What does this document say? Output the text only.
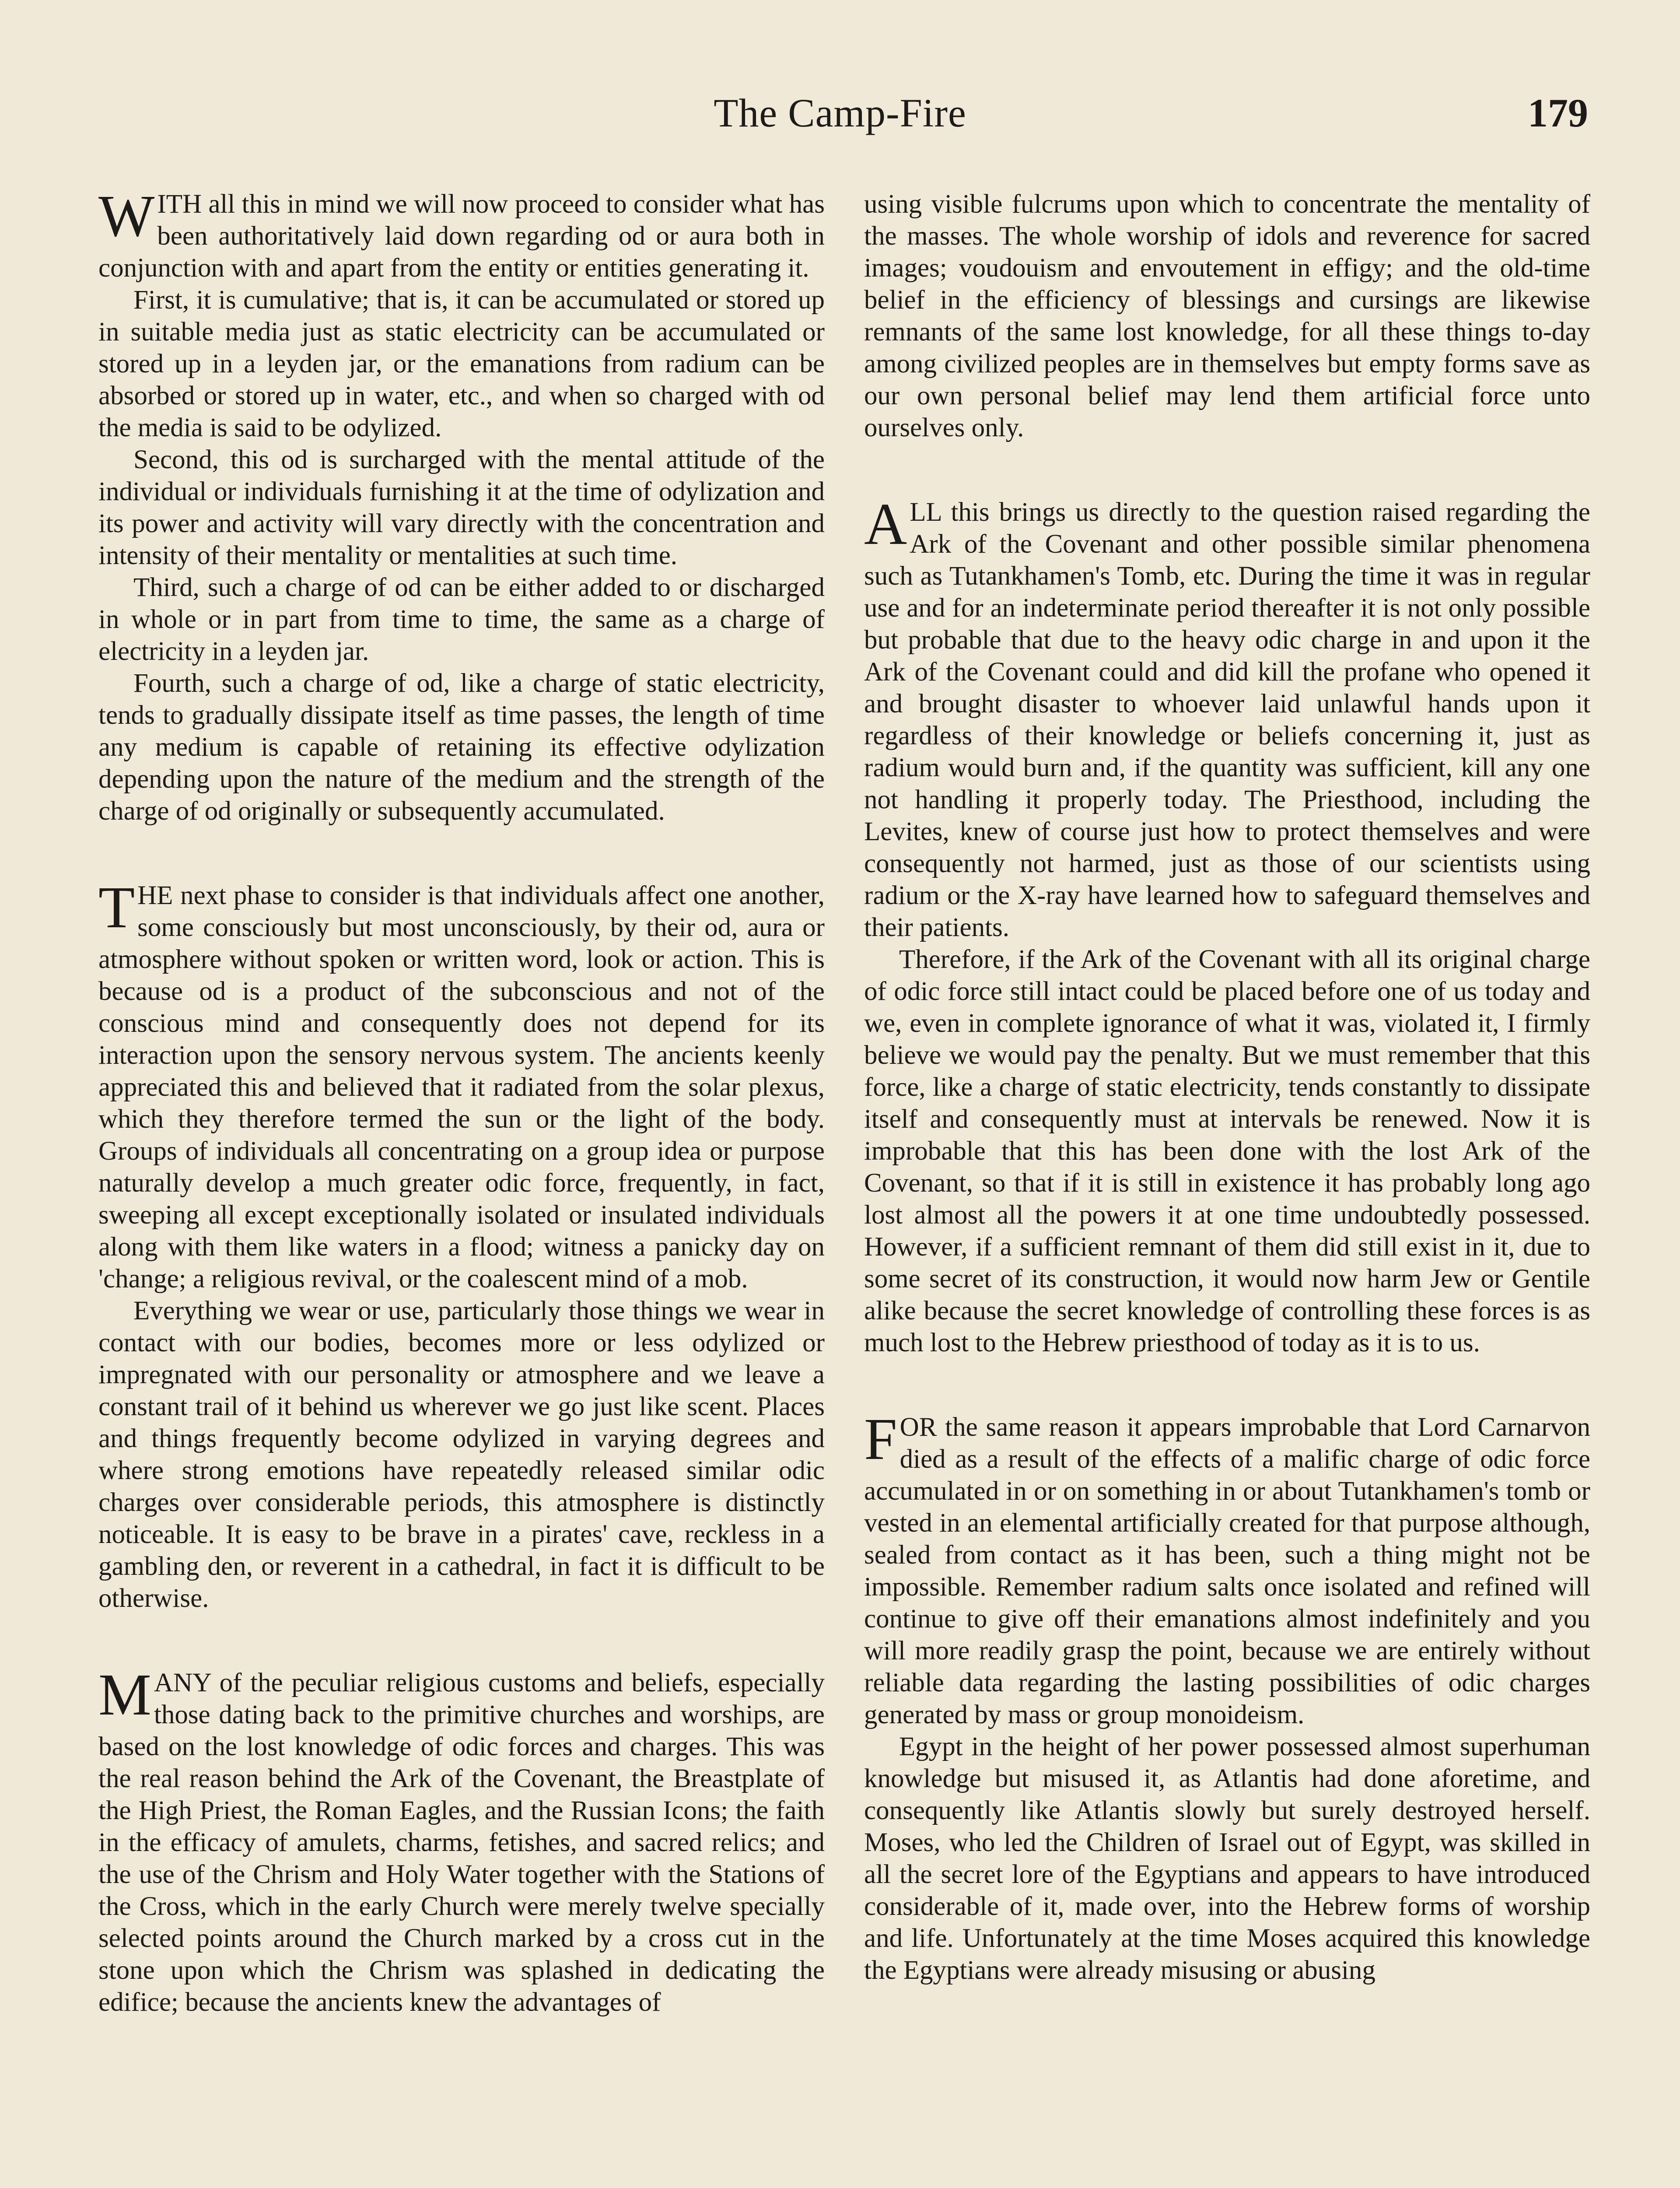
The Camp-Fire	179

WITH all this in mind we will now proceed to consider what has been authoritatively laid down regarding od or aura both in conjunction with and apart from the entity or entities generating it.

First, it is cumulative; that is, it can be accumulated or stored up in suitable media just as static electricity can be accumulated or stored up in a leyden jar, or the emanations from radium can be absorbed or stored up in water, etc., and when so charged with od the media is said to be odylized.

Second, this od is surcharged with the mental attitude of the individual or individuals furnishing it at the time of odylization and its power and activity will vary directly with the concentration and intensity of their mentality or mentalities at such time.

Third, such a charge of od can be either added to or discharged in whole or in part from time to time, the same as a charge of electricity in a leyden jar.

Fourth, such a charge of od, like a charge of static electricity, tends to gradually dissipate itself as time passes, the length of time any medium is capable of retaining its effective odylization depending upon the nature of the medium and the strength of the charge of od originally or subsequently accumulated.

THE next phase to consider is that individuals affect one another, some consciously but most unconsciously, by their od, aura or atmosphere without spoken or written word, look or action. This is because od is a product of the subconscious and not of the conscious mind and consequently does not depend for its interaction upon the sensory nervous system. The ancients keenly appreciated this and believed that it radiated from the solar plexus, which they therefore termed the sun or the light of the body. Groups of individuals all concentrating on a group idea or purpose naturally develop a much greater odic force, frequently, in fact, sweeping all except exceptionally isolated or insulated individuals along with them like waters in a flood; witness a panicky day on 'change; a religious revival, or the coalescent mind of a mob.

Everything we wear or use, particularly those things we wear in contact with our bodies, becomes more or less odylized or impregnated with our personality or atmosphere and we leave a constant trail of it behind us wherever we go just like scent. Places and things frequently become odylized in varying degrees and where strong emotions have repeatedly released similar odic charges over considerable periods, this atmosphere is distinctly noticeable. It is easy to be brave in a pirates' cave, reckless in a gambling den, or reverent in a cathedral, in fact it is difficult to be otherwise.

MANY of the peculiar religious customs and beliefs, especially those dating back to the primitive churches and worships, are based on the lost knowledge of odic forces and charges. This was the real reason behind the Ark of the Covenant, the Breastplate of the High Priest, the Roman Eagles, and the Russian Icons; the faith in the efficacy of amulets, charms, fetishes, and sacred relics; and the use of the Chrism and Holy Water together with the Stations of the Cross, which in the early Church were merely twelve specially selected points around the Church marked by a cross cut in the stone upon which the Chrism was splashed in dedicating the edifice; because the ancients knew the advantages of

using visible fulcrums upon which to concentrate the mentality of the masses. The whole worship of idols and reverence for sacred images; voudouism and envoutement in effigy; and the old-time belief in the efficiency of blessings and cursings are likewise remnants of the same lost knowledge, for all these things to-day among civilized peoples are in themselves but empty forms save as our own personal belief may lend them artificial force unto ourselves only.

ALL this brings us directly to the question raised regarding the Ark of the Covenant and other possible similar phenomena such as Tutankhamen's Tomb, etc. During the time it was in regular use and for an indeterminate period thereafter it is not only possible but probable that due to the heavy odic charge in and upon it the Ark of the Covenant could and did kill the profane who opened it and brought disaster to whoever laid unlawful hands upon it regardless of their knowledge or beliefs concerning it, just as radium would burn and, if the quantity was sufficient, kill any one not handling it properly today. The Priesthood, including the Levites, knew of course just how to protect themselves and were consequently not harmed, just as those of our scientists using radium or the X-ray have learned how to safeguard themselves and their patients.

Therefore, if the Ark of the Covenant with all its original charge of odic force still intact could be placed before one of us today and we, even in complete ignorance of what it was, violated it, I firmly believe we would pay the penalty. But we must remember that this force, like a charge of static electricity, tends constantly to dissipate itself and consequently must at intervals be renewed. Now it is improbable that this has been done with the lost Ark of the Covenant, so that if it is still in existence it has probably long ago lost almost all the powers it at one time undoubtedly possessed. However, if a sufficient remnant of them did still exist in it, due to some secret of its construction, it would now harm Jew or Gentile alike because the secret knowledge of controlling these forces is as much lost to the Hebrew priesthood of today as it is to us.

FOR the same reason it appears improbable that Lord Carnarvon died as a result of the effects of a malific charge of odic force accumulated in or on something in or about Tutankhamen's tomb or vested in an elemental artificially created for that purpose although, sealed from contact as it has been, such a thing might not be impossible. Remember radium salts once isolated and refined will continue to give off their emanations almost indefinitely and you will more readily grasp the point, because we are entirely without reliable data regarding the lasting possibilities of odic charges generated by mass or group monoideism.

Egypt in the height of her power possessed almost superhuman knowledge but misused it, as Atlantis had done aforetime, and consequently like Atlantis slowly but surely destroyed herself. Moses, who led the Children of Israel out of Egypt, was skilled in all the secret lore of the Egyptians and appears to have introduced considerable of it, made over, into the Hebrew forms of worship and life. Unfortunately at the time Moses acquired this knowledge the Egyptians were already misusing or abusing
